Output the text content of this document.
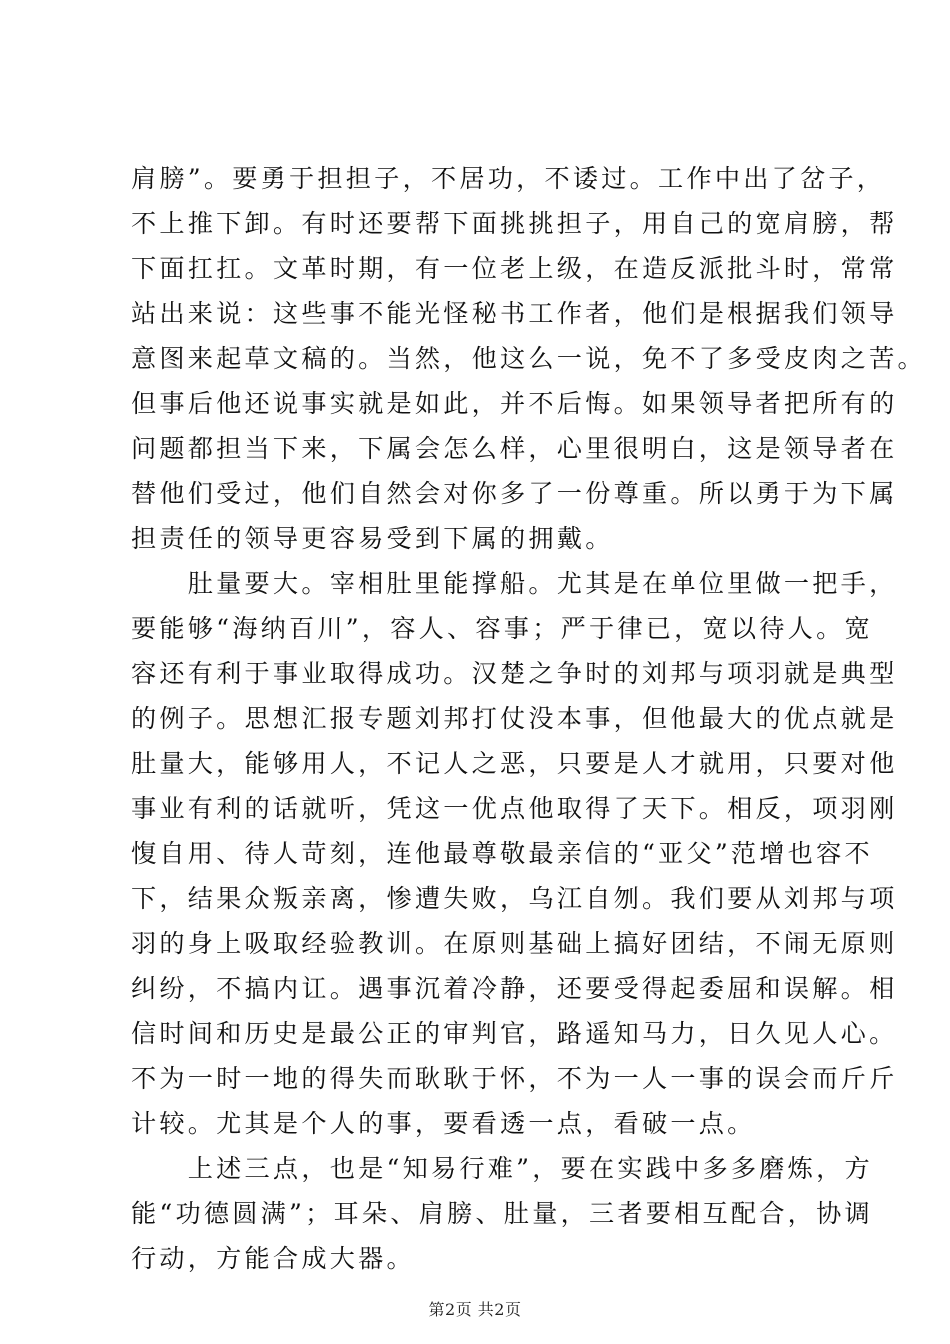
肩膀”。要勇于担担子，不居功，不诿过。工作中出了岔子，
不上推下卸。有时还要帮下面挑挑担子，用自己的宽肩膀，帮
下面扛扛。文革时期，有一位老上级，在造反派批斗时，常常
站出来说：这些事不能光怪秘书工作者，他们是根据我们领导
意图来起草文稿的。当然，他这么一说，免不了多受皮肉之苦。
但事后他还说事实就是如此，并不后悔。如果领导者把所有的
问题都担当下来，下属会怎么样，心里很明白，这是领导者在
替他们受过，他们自然会对你多了一份尊重。所以勇于为下属
担责任的领导更容易受到下属的拥戴。
　　肚量要大。宰相肚里能撑船。尤其是在单位里做一把手，
要能够“海纳百川”，容人、容事；严于律已，宽以待人。宽
容还有利于事业取得成功。汉楚之争时的刘邦与项羽就是典型
的例子。思想汇报专题刘邦打仗没本事，但他最大的优点就是
肚量大，能够用人，不记人之恶，只要是人才就用，只要对他
事业有利的话就听，凭这一优点他取得了天下。相反，项羽刚
愎自用、待人苛刻，连他最尊敬最亲信的“亚父”范增也容不
下，结果众叛亲离，惨遭失败，乌江自刎。我们要从刘邦与项
羽的身上吸取经验教训。在原则基础上搞好团结，不闹无原则
纠纷，不搞内讧。遇事沉着冷静，还要受得起委屈和误解。相
信时间和历史是最公正的审判官，路遥知马力，日久见人心。
不为一时一地的得失而耿耿于怀，不为一人一事的误会而斤斤
计较。尤其是个人的事，要看透一点，看破一点。
　　上述三点，也是“知易行难”，要在实践中多多磨炼，方
能“功德圆满”；耳朵、肩膀、肚量，三者要相互配合，协调
行动，方能合成大器。
第2页 共2页
